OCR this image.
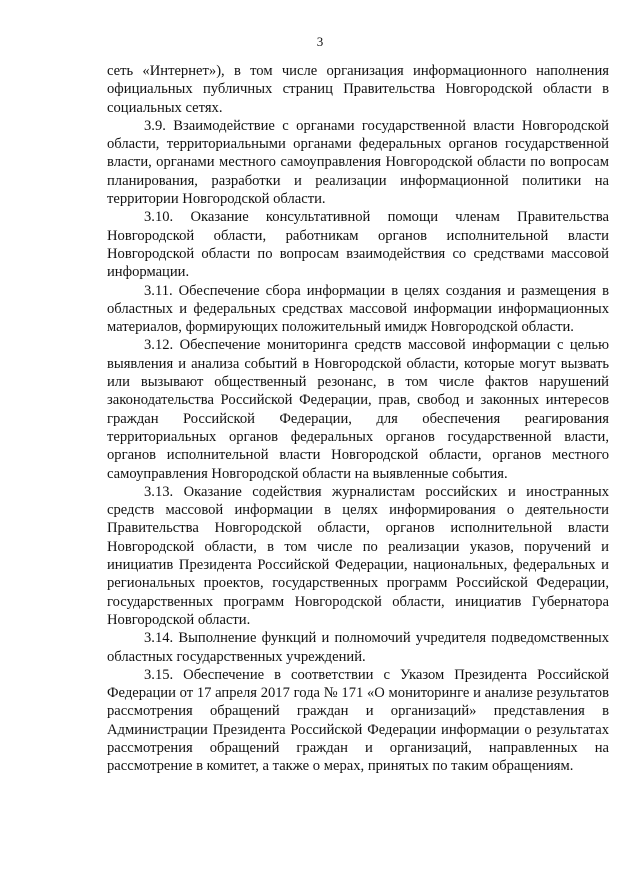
3

сеть «Интернет»), в том числе организация информационного наполнения официальных публичных страниц Правительства Новгородской области в социальных сетях.

3.9. Взаимодействие с органами государственной власти Новгородской области, территориальными органами федеральных органов государственной власти, органами местного самоуправления Новгородской области по вопросам планирования, разработки и реализации информационной политики на территории Новгородской области.

3.10. Оказание консультативной помощи членам Правительства Новгородской области, работникам органов исполнительной власти Новгородской области по вопросам взаимодействия со средствами массовой информации.

3.11. Обеспечение сбора информации в целях создания и размещения в областных и федеральных средствах массовой информации информационных материалов, формирующих положительный имидж Новгородской области.

3.12. Обеспечение мониторинга средств массовой информации с целью выявления и анализа событий в Новгородской области, которые могут вызвать или вызывают общественный резонанс, в том числе фактов нарушений законодательства Российской Федерации, прав, свобод и законных интересов граждан Российской Федерации, для обеспечения реагирования территориальных органов федеральных органов государственной власти, органов исполнительной власти Новгородской области, органов местного самоуправления Новгородской области на выявленные события.

3.13. Оказание содействия журналистам российских и иностранных средств массовой информации в целях информирования о деятельности Правительства Новгородской области, органов исполнительной власти Новгородской области, в том числе по реализации указов, поручений и инициатив Президента Российской Федерации, национальных, федеральных и региональных проектов, государственных программ Российской Федерации, государственных программ Новгородской области, инициатив Губернатора Новгородской области.

3.14. Выполнение функций и полномочий учредителя подведомственных областных государственных учреждений.

3.15. Обеспечение в соответствии с Указом Президента Российской Федерации от 17 апреля 2017 года № 171 «О мониторинге и анализе результатов рассмотрения обращений граждан и организаций» представления в Администрации Президента Российской Федерации информации о результатах рассмотрения обращений граждан и организаций, направленных на рассмотрение в комитет, а также о мерах, принятых по таким обращениям.
